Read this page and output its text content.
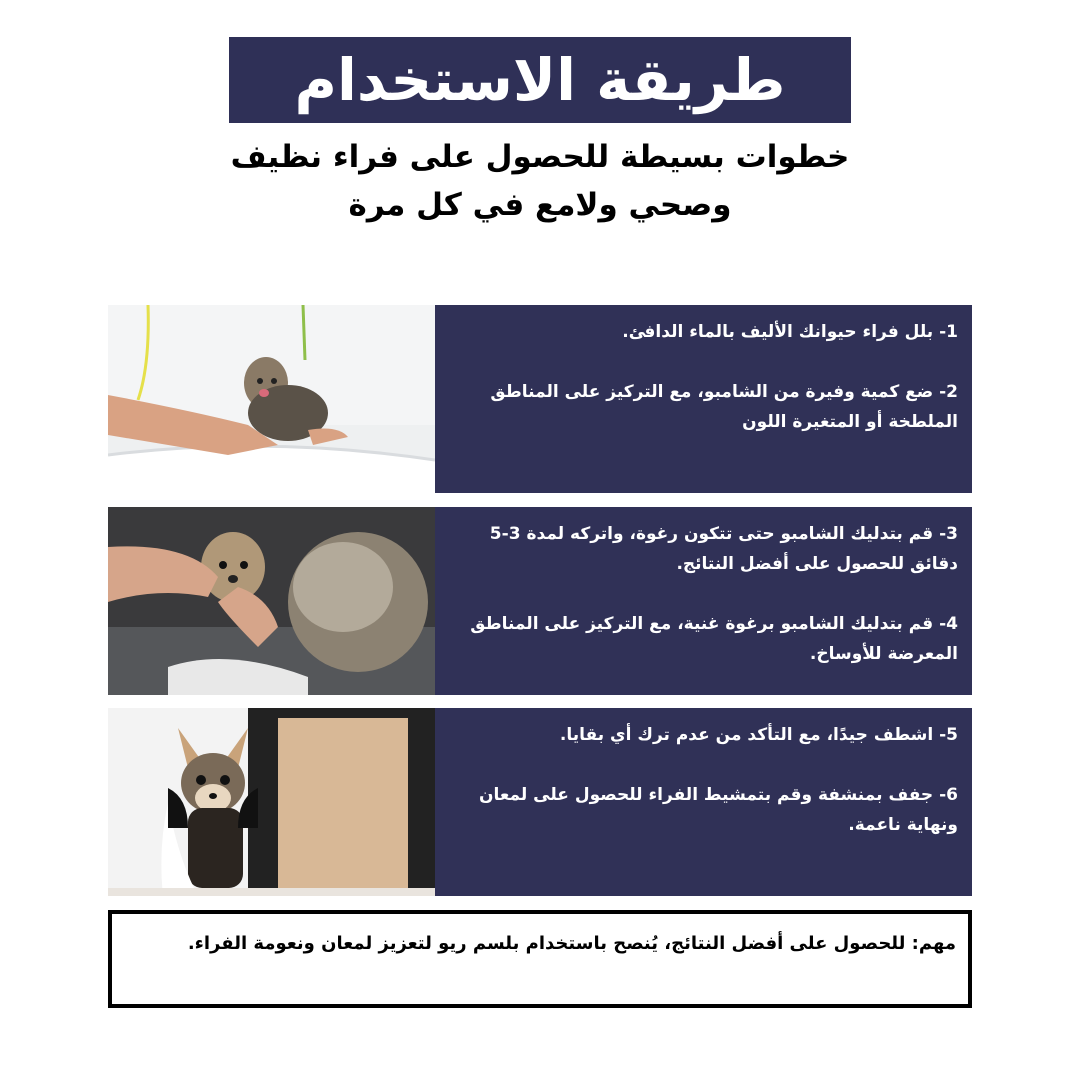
طريقة الاستخدام
خطوات بسيطة للحصول على فراء نظيف
وصحي ولامع في كل مرة

1- بلل فراء حيوانك الأليف بالماء الدافئ.

2- ضع كمية وفيرة من الشامبو، مع التركيز على المناطق الملطخة أو المتغيرة اللون

3- قم بتدليك الشامبو حتى تتكون رغوة، واتركه لمدة 3-5 دقائق للحصول على أفضل النتائج.

4- قم بتدليك الشامبو برغوة غنية، مع التركيز على المناطق المعرضة للأوساخ.

5- اشطف جيدًا، مع التأكد من عدم ترك أي بقايا.

6- جفف بمنشفة وقم بتمشيط الفراء للحصول على لمعان ونهاية ناعمة.

مهم: للحصول على أفضل النتائج، يُنصح باستخدام بلسم ريو لتعزيز لمعان ونعومة الفراء.
